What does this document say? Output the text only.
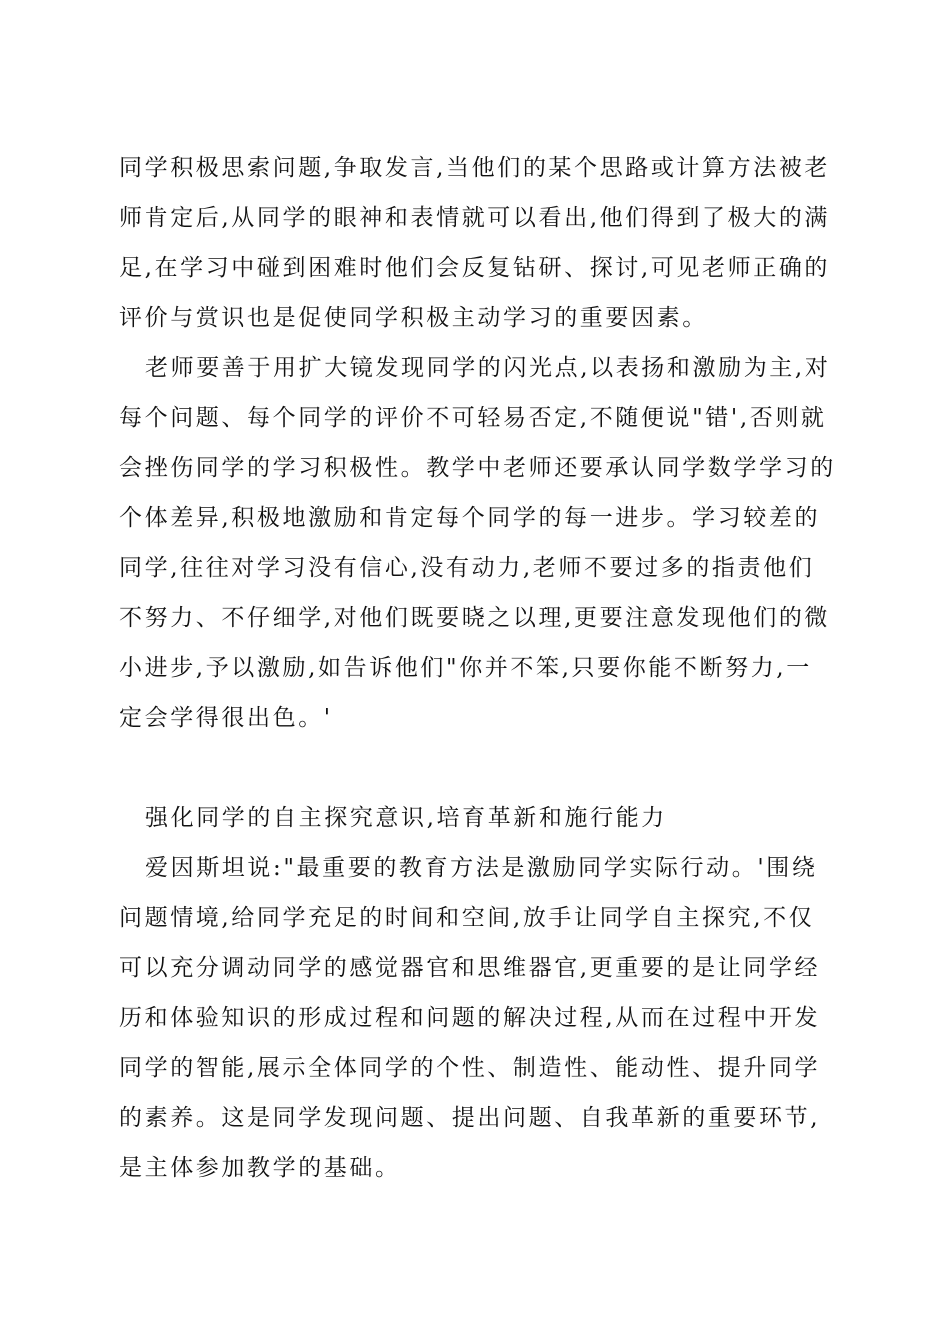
同学积极思索问题,争取发言,当他们的某个思路或计算方法被老
师肯定后,从同学的眼神和表情就可以看出,他们得到了极大的满
足,在学习中碰到困难时他们会反复钻研、探讨,可见老师正确的
评价与赏识也是促使同学积极主动学习的重要因素。
老师要善于用扩大镜发现同学的闪光点,以表扬和激励为主,对
每个问题、每个同学的评价不可轻易否定,不随便说"错',否则就
会挫伤同学的学习积极性。教学中老师还要承认同学数学学习的
个体差异,积极地激励和肯定每个同学的每一进步。学习较差的
同学,往往对学习没有信心,没有动力,老师不要过多的指责他们
不努力、不仔细学,对他们既要晓之以理,更要注意发现他们的微
小进步,予以激励,如告诉他们"你并不笨,只要你能不断努力,一
定会学得很出色。'
强化同学的自主探究意识,培育革新和施行能力
爱因斯坦说:"最重要的教育方法是激励同学实际行动。'围绕
问题情境,给同学充足的时间和空间,放手让同学自主探究,不仅
可以充分调动同学的感觉器官和思维器官,更重要的是让同学经
历和体验知识的形成过程和问题的解决过程,从而在过程中开发
同学的智能,展示全体同学的个性、制造性、能动性、提升同学
的素养。这是同学发现问题、提出问题、自我革新的重要环节,
是主体参加教学的基础。
